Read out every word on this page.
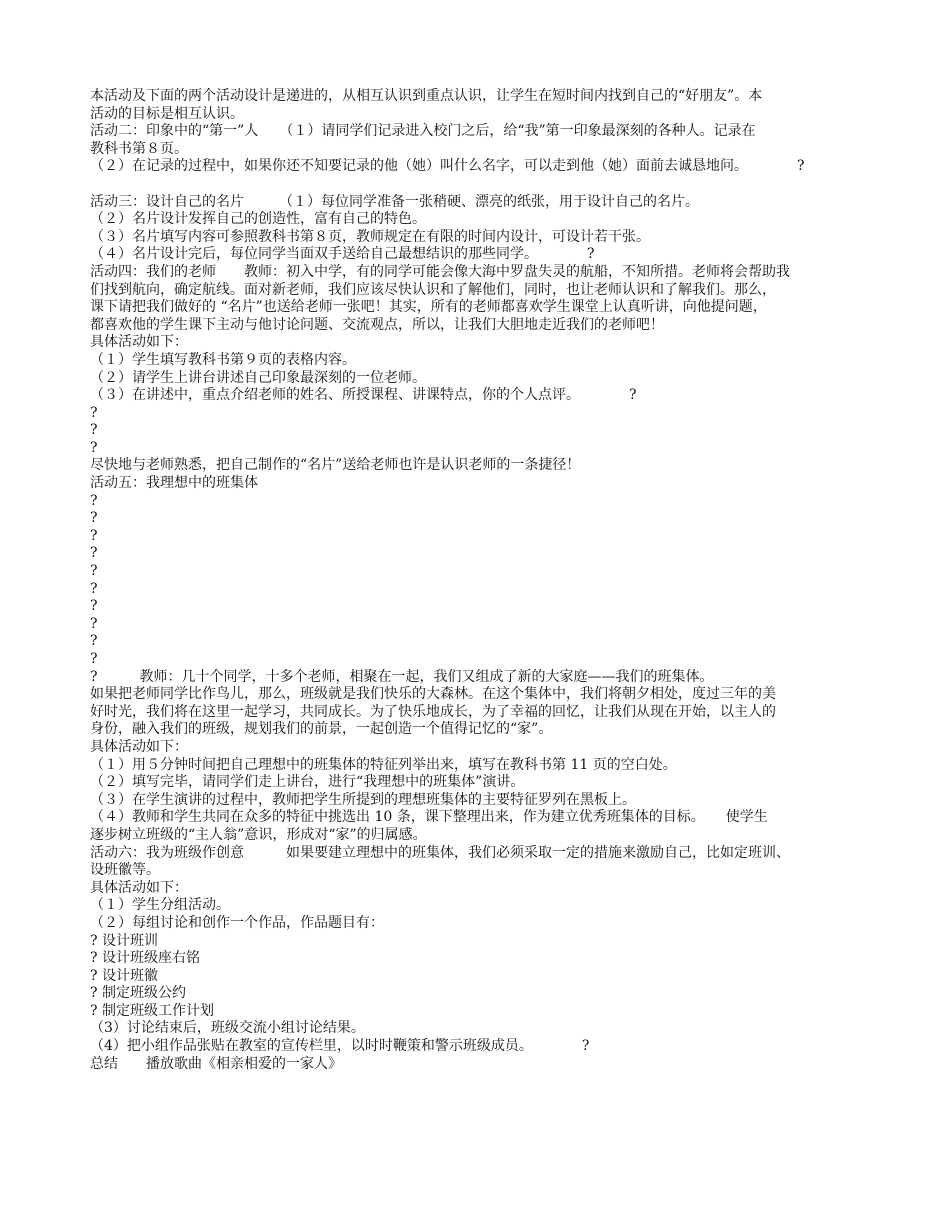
本活动及下面的两个活动设计是递进的，从相互认识到重点认识，让学生在短时间内找到自己的“好朋友”。本
活动的目标是相互认识。
活动二：印象中的“第一”人　　（１）请同学们记录进入校门之后，给“我”第一印象最深刻的各种人。记录在
教科书第８页。
（２）在记录的过程中，如果你还不知要记录的他（她）叫什么名字，可以走到他（她）面前去诚恳地问。　　　　?

活动三：设计自己的名片　　　（１）每位同学准备一张稍硬、漂亮的纸张，用于设计自己的名片。
（２）名片设计发挥自己的创造性，富有自己的特色。
（３）名片填写内容可参照教科书第８页，教师规定在有限的时间内设计，可设计若干张。
（４）名片设计完后，每位同学当面双手送给自己最想结识的那些同学。　　　　?
活动四：我们的老师　　教师：初入中学，有的同学可能会像大海中罗盘失灵的航船，不知所措。老师将会帮助我
们找到航向，确定航线。面对新老师，我们应该尽快认识和了解他们，同时，也让老师认识和了解我们。那么，
课下请把我们做好的 “名片”也送给老师一张吧！其实，所有的老师都喜欢学生课堂上认真听讲，向他提问题，
都喜欢他的学生课下主动与他讨论问题、交流观点，所以，让我们大胆地走近我们的老师吧！
具体活动如下：
（１）学生填写教科书第９页的表格内容。
（２）请学生上讲台讲述自己印象最深刻的一位老师。
（３）在讲述中，重点介绍老师的姓名、所授课程、讲课特点，你的个人点评。　　　　?
?
?
?
尽快地与老师熟悉，把自己制作的“名片”送给老师也许是认识老师的一条捷径！
活动五：我理想中的班集体
?
?
?
?
?
?
?
?
?
?
?　　　教师：几十个同学，十多个老师，相聚在一起，我们又组成了新的大家庭——我们的班集体。
如果把老师同学比作鸟儿，那么，班级就是我们快乐的大森林。在这个集体中，我们将朝夕相处，度过三年的美
好时光，我们将在这里一起学习，共同成长。为了快乐地成长，为了幸福的回忆，让我们从现在开始，以主人的
身份，融入我们的班级，规划我们的前景，一起创造一个值得记忆的“家”。
具体活动如下：
（１）用５分钟时间把自己理想中的班集体的特征列举出来，填写在教科书第 11 页的空白处。
（２）填写完毕，请同学们走上讲台，进行“我理想中的班集体”演讲。
（３）在学生演讲的过程中，教师把学生所提到的理想班集体的主要特征罗列在黑板上。
（４）教师和学生共同在众多的特征中挑选出 10 条，课下整理出来，作为建立优秀班集体的目标。　　使学生
逐步树立班级的“主人翁”意识，形成对“家”的归属感。
活动六：我为班级作创意　　　如果要建立理想中的班集体，我们必须采取一定的措施来激励自己，比如定班训、
设班徽等。
具体活动如下：
（１）学生分组活动。
（２）每组讨论和创作一个作品，作品题目有：
? 设计班训
? 设计班级座右铭
? 设计班徽
? 制定班级公约
? 制定班级工作计划
（3）讨论结束后，班级交流小组讨论结果。
（4）把小组作品张贴在教室的宣传栏里，以时时鞭策和警示班级成员。　　　　?
总结　　播放歌曲《相亲相爱的一家人》
